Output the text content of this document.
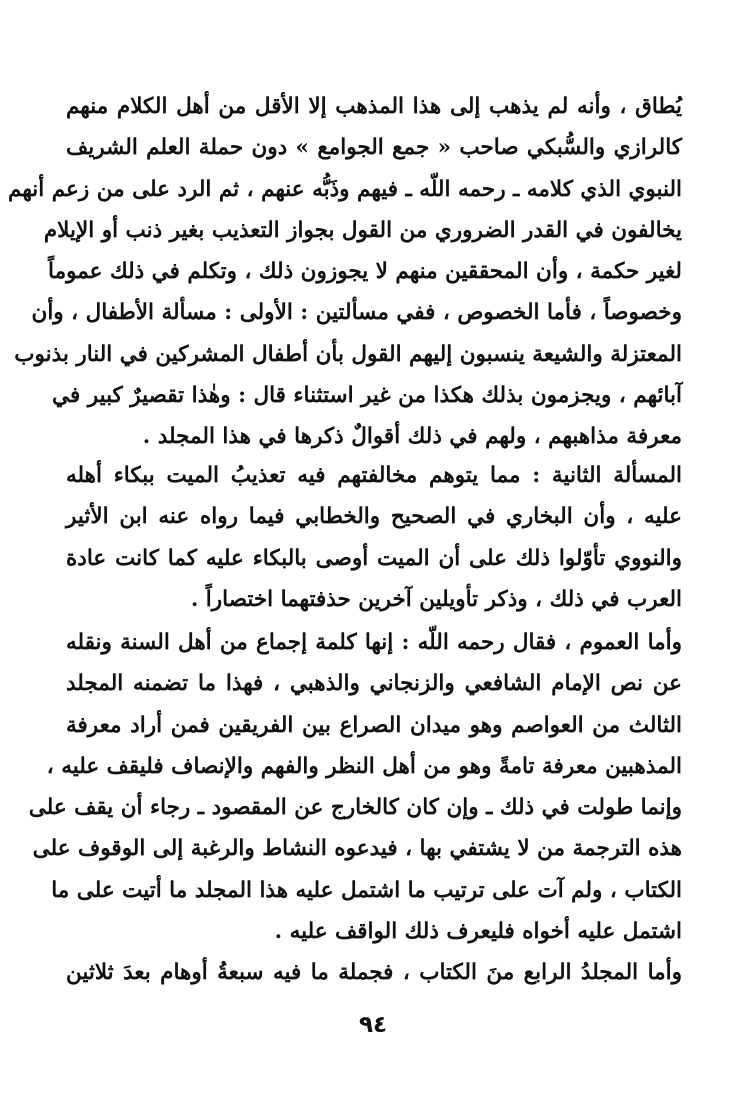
يُطاق ، وأنه لم يذهب إلى هذا المذهب إلا الأقل من أهل الكلام منهم
كالرازي والسُّبكي صاحب « جمع الجوامع » دون حملة العلم الشريف
النبوي الذي كلامه ـ رحمه اللّه ـ فيهم وذَبُّه عنهم ، ثم الرد على من زعم أنهم
يخالفون في القدر الضروري من القول بجواز التعذيب بغير ذنب أو الإيلام
لغير حكمة ، وأن المحققين منهم لا يجوزون ذلك ، وتكلم في ذلك عموماً
وخصوصاً ، فأما الخصوص ، ففي مسألتين : الأولى : مسألة الأطفال ، وأن
المعتزلة والشيعة ينسبون إليهم القول بأن أطفال المشركين في النار بذنوب
آبائهم ، ويجزمون بذلك هكذا من غير استثناء قال : وهٰذا تقصيرٌ كبير في
معرفة مذاهبهم ، ولهم في ذلك أقوالٌ ذكرها في هذا المجلد .
المسألة الثانية : مما يتوهم مخالفتهم فيه تعذيبُ الميت ببكاء أهله
عليه ، وأن البخاري في الصحيح والخطابي فيما رواه عنه ابن الأثير
والنووي تأوّلوا ذلك على أن الميت أوصى بالبكاء عليه كما كانت عادة
العرب في ذلك ، وذكر تأويلين آخرين حذفتهما اختصاراً .
وأما العموم ، فقال رحمه اللّه : إنها كلمة إجماع من أهل السنة ونقله
عن نص الإمام الشافعي والزنجاني والذهبي ، فهذا ما تضمنه المجلد
الثالث من العواصم وهو ميدان الصراع بين الفريقين فمن أراد معرفة
المذهبين معرفة تامةً وهو من أهل النظر والفهم والإنصاف فليقف عليه ،
وإنما طولت في ذلك ـ وإن كان كالخارج عن المقصود ـ رجاء أن يقف على
هذه الترجمة من لا يشتفي بها ، فيدعوه النشاط والرغبة إلى الوقوف على
الكتاب ، ولم آت على ترتيب ما اشتمل عليه هذا المجلد ما أتيت على ما
اشتمل عليه أخواه فليعرف ذلك الواقف عليه .
وأما المجلدُ الرابع منَ الكتاب ، فجملة ما فيه سبعةُ أوهام بعدَ ثلاثين
٩٤
